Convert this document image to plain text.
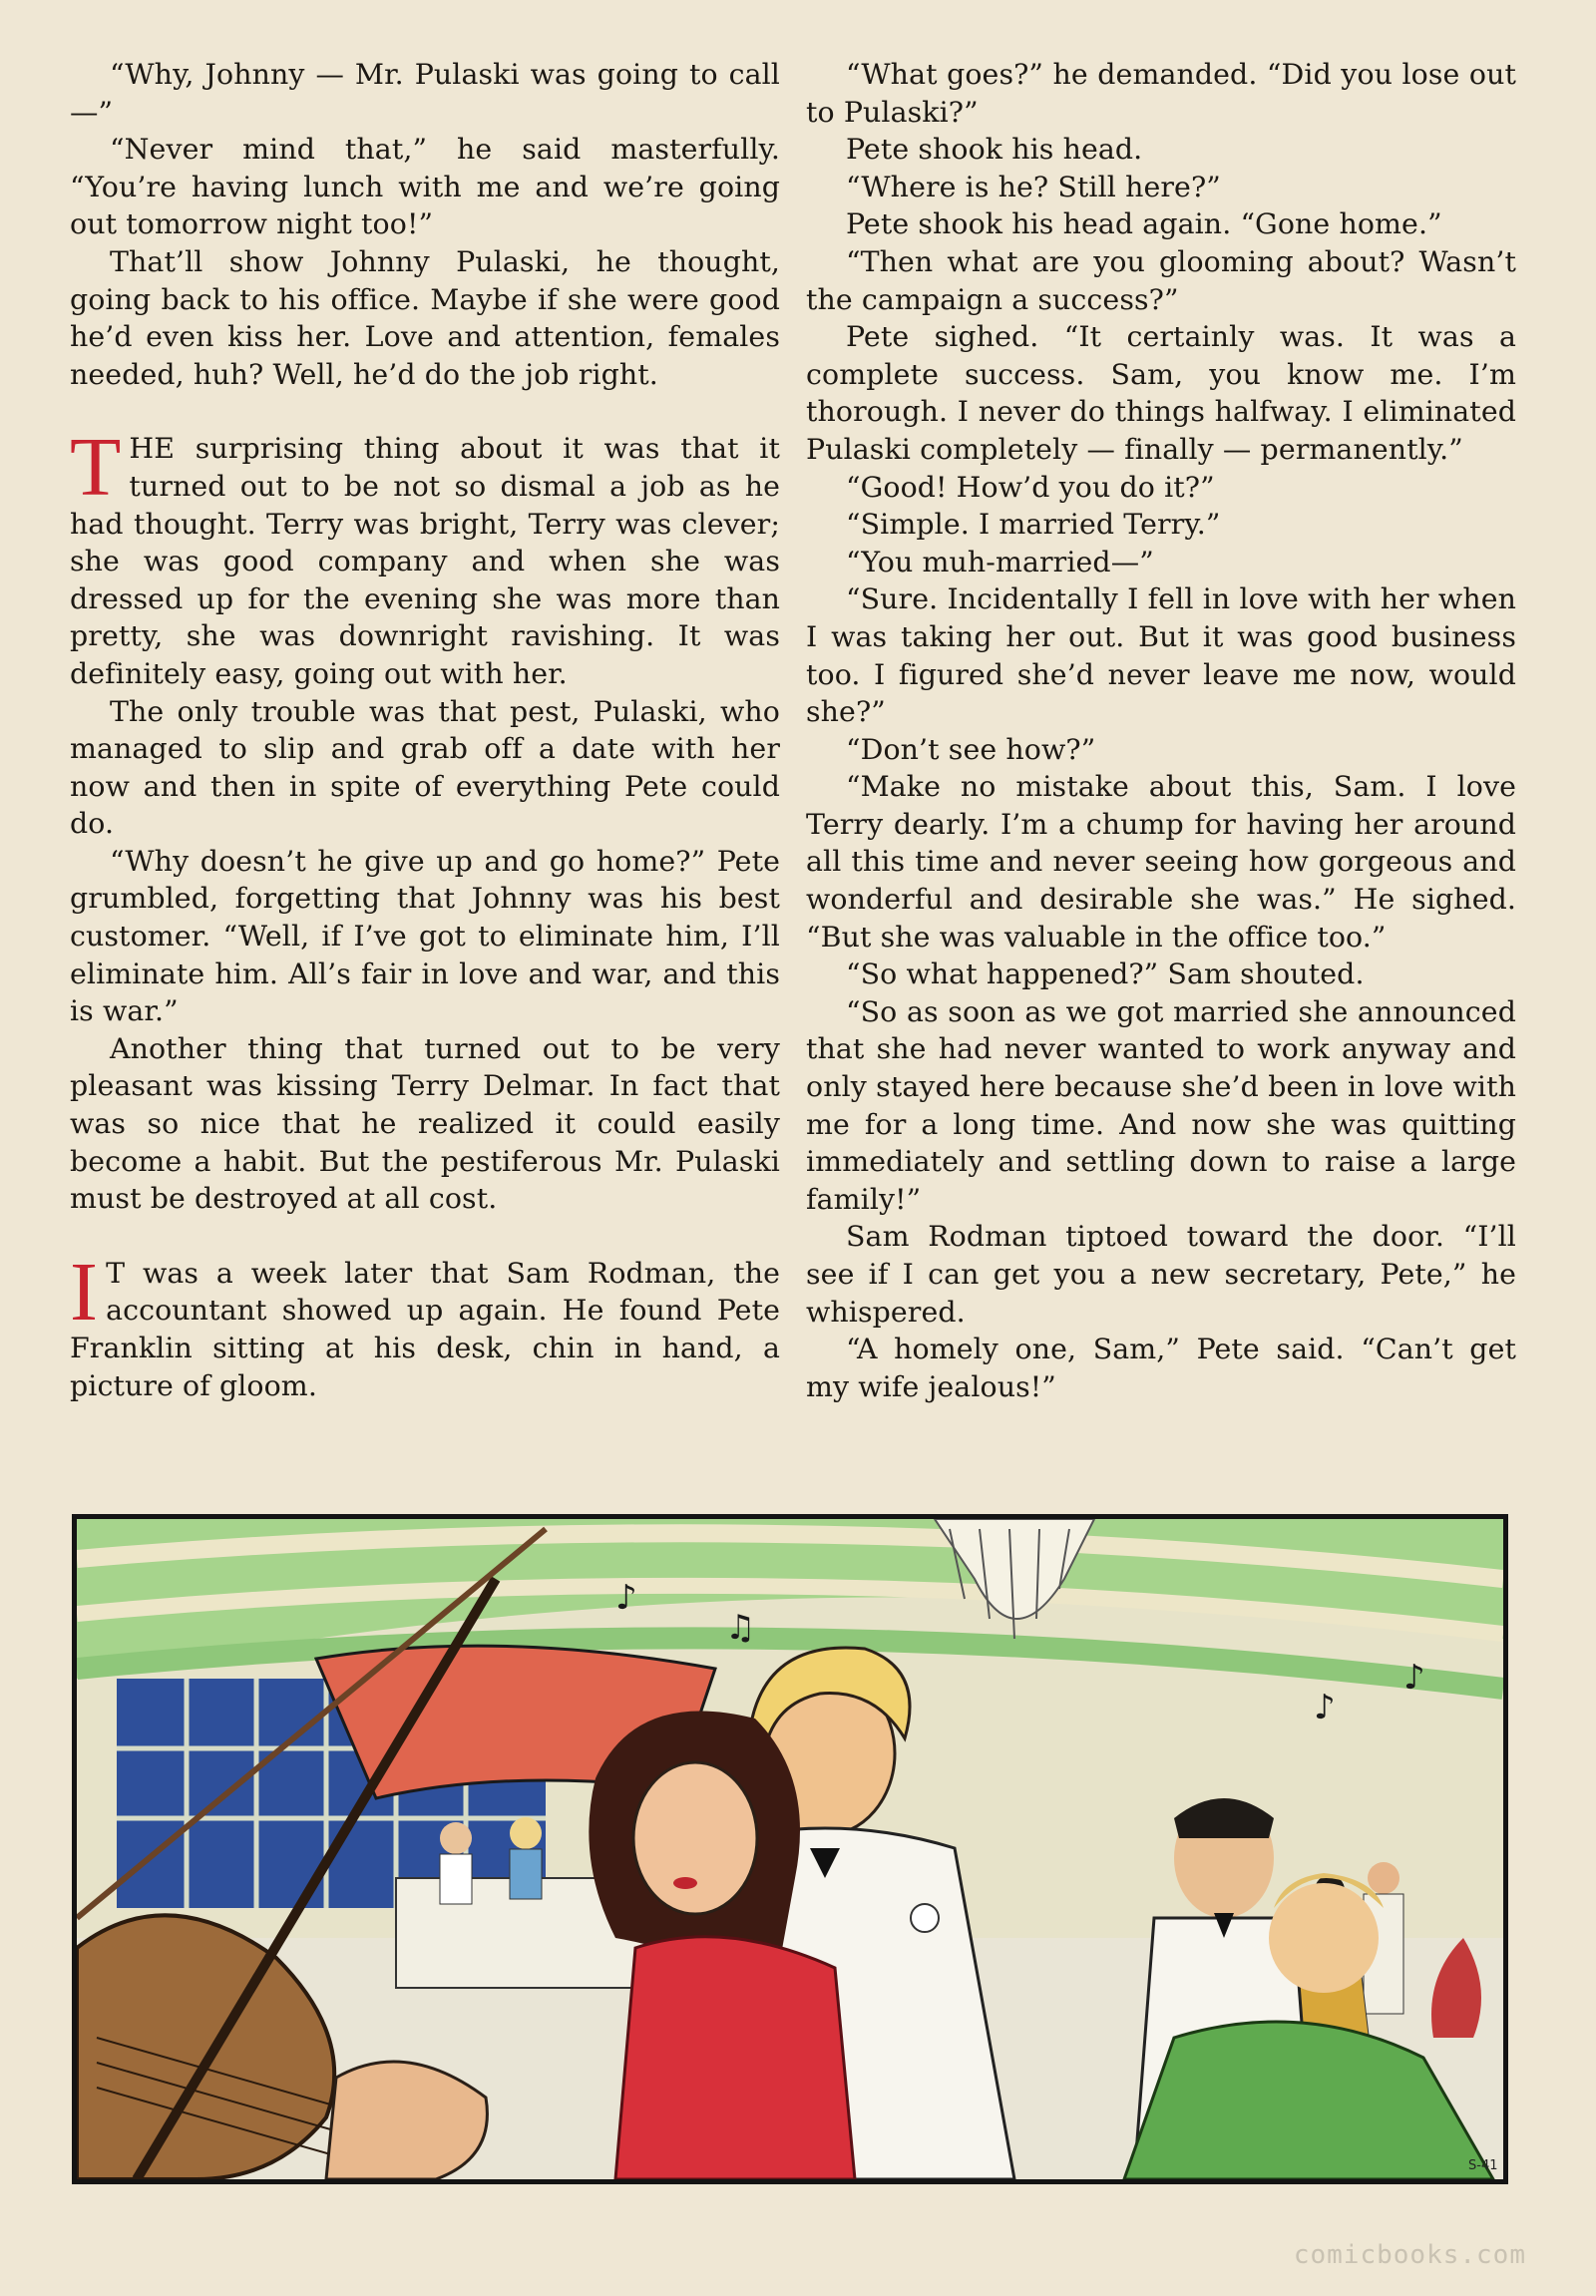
“Why, Johnny — Mr. Pulaski was going to call —”

“Never mind that,” he said masterfully. “You’re having lunch with me and we’re going out tomorrow night too!”

That’ll show Johnny Pulaski, he thought, going back to his office. Maybe if she were good he’d even kiss her. Love and attention, females needed, huh? Well, he’d do the job right.

THE surprising thing about it was that it turned out to be not so dismal a job as he had thought. Terry was bright, Terry was clever; she was good company and when she was dressed up for the evening she was more than pretty, she was downright ravishing. It was definitely easy, going out with her.

The only trouble was that pest, Pulaski, who managed to slip and grab off a date with her now and then in spite of everything Pete could do.

“Why doesn’t he give up and go home?” Pete grumbled, forgetting that Johnny was his best customer. “Well, if I’ve got to eliminate him, I’ll eliminate him. All’s fair in love and war, and this is war.”

Another thing that turned out to be very pleasant was kissing Terry Delmar. In fact that was so nice that he realized it could easily become a habit. But the pestiferous Mr. Pulaski must be destroyed at all cost.

I T was a week later that Sam Rodman, the accountant showed up again. He found Pete Franklin sitting at his desk, chin in hand, a picture of gloom.

“What goes?” he demanded. “Did you lose out to Pulaski?”

Pete shook his head.

“Where is he? Still here?”

Pete shook his head again. “Gone home.”

“Then what are you glooming about? Wasn’t the campaign a success?”

Pete sighed. “It certainly was. It was a complete success. Sam, you know me. I’m thorough. I never do things halfway. I eliminated Pulaski completely — finally — permanently.”

“Good! How’d you do it?”

“Simple. I married Terry.”

“You muh-married—”

“Sure. Incidentally I fell in love with her when I was taking her out. But it was good business too. I figured she’d never leave me now, would she?”

“Don’t see how?”

“Make no mistake about this, Sam. I love Terry dearly. I’m a chump for having her around all this time and never seeing how gorgeous and wonderful and desirable she was.” He sighed. “But she was valuable in the office too.”

“So what happened?” Sam shouted.

“So as soon as we got married she announced that she had never wanted to work anyway and only stayed here because she’d been in love with me for a long time. And now she was quitting immediately and settling down to raise a large family!”

Sam Rodman tiptoed toward the door. “I’ll see if I can get you a new secretary, Pete,” he whispered.

“A homely one, Sam,” Pete said. “Can’t get my wife jealous!”

♪
♫
♪
♪
S-41
comicbooks.com
